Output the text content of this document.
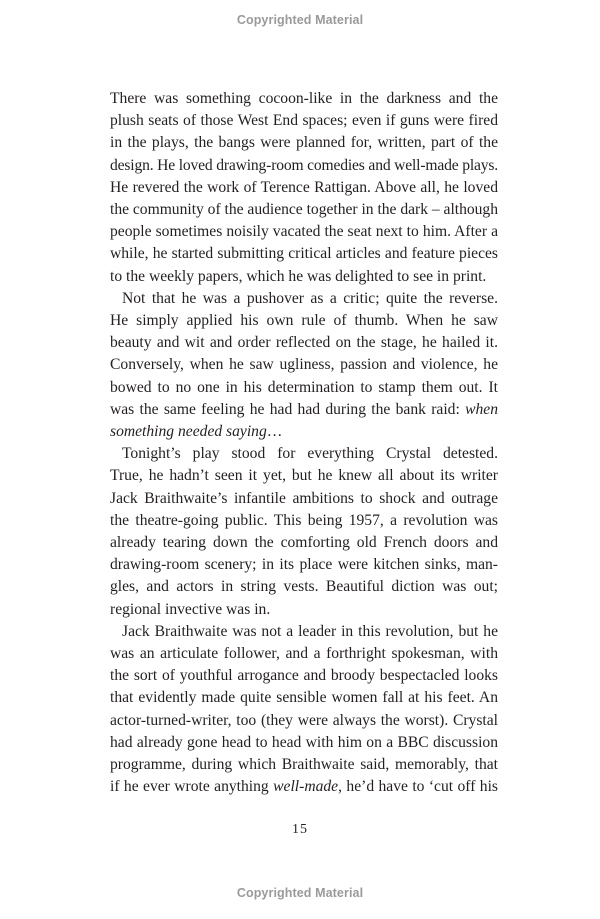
Copyrighted Material

There was something cocoon-like in the darkness and the
plush seats of those West End spaces; even if guns were fired
in the plays, the bangs were planned for, written, part of the
design. He loved drawing-room comedies and well-made plays.
He revered the work of Terence Rattigan. Above all, he loved
the community of the audience together in the dark – although
people sometimes noisily vacated the seat next to him. After a
while, he started submitting critical articles and feature pieces
to the weekly papers, which he was delighted to see in print.

Not that he was a pushover as a critic; quite the reverse.
He simply applied his own rule of thumb. When he saw
beauty and wit and order reflected on the stage, he hailed it.
Conversely, when he saw ugliness, passion and violence, he
bowed to no one in his determination to stamp them out. It
was the same feeling he had had during the bank raid: when
something needed saying…

Tonight’s play stood for everything Crystal detested.
True, he hadn’t seen it yet, but he knew all about its writer
Jack Braithwaite’s infantile ambitions to shock and outrage
the theatre-going public. This being 1957, a revolution was
already tearing down the comforting old French doors and
drawing-room scenery; in its place were kitchen sinks, man-
gles, and actors in string vests. Beautiful diction was out;
regional invective was in.

Jack Braithwaite was not a leader in this revolution, but he
was an articulate follower, and a forthright spokesman, with
the sort of youthful arrogance and broody bespectacled looks
that evidently made quite sensible women fall at his feet. An
actor-turned-writer, too (they were always the worst). Crystal
had already gone head to head with him on a BBC discussion
programme, during which Braithwaite said, memorably, that
if he ever wrote anything well-made, he’d have to ‘cut off his

15
Copyrighted Material
